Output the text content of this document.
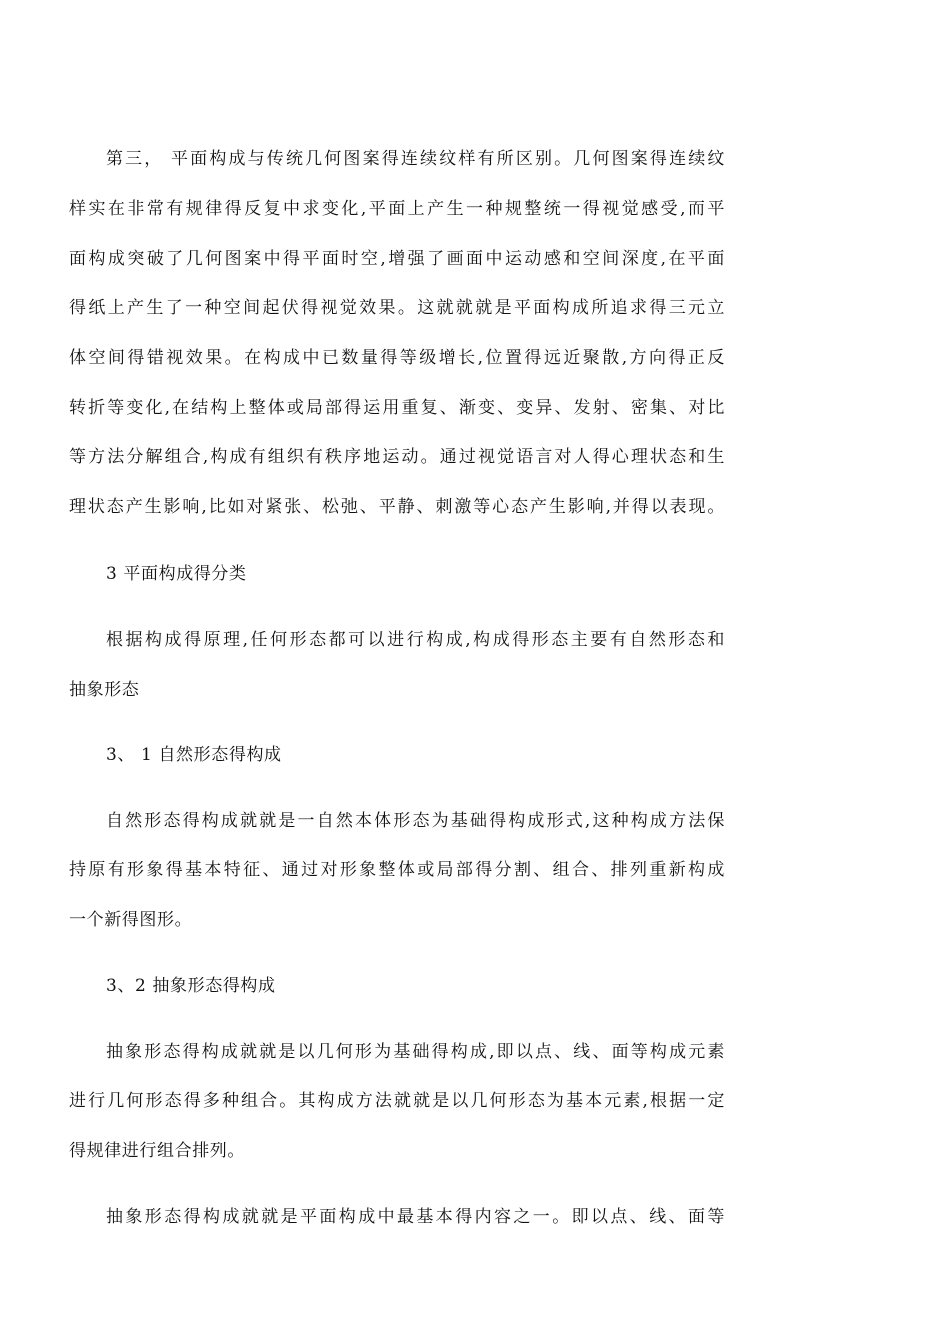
第三， 平面构成与传统几何图案得连续纹样有所区别。几何图案得连续纹
样实在非常有规律得反复中求变化,平面上产生一种规整统一得视觉感受,而平
面构成突破了几何图案中得平面时空,增强了画面中运动感和空间深度,在平面
得纸上产生了一种空间起伏得视觉效果。这就就就是平面构成所追求得三元立
体空间得错视效果。在构成中已数量得等级增长,位置得远近聚散,方向得正反
转折等变化,在结构上整体或局部得运用重复、渐变、变异、发射、密集、对比
等方法分解组合,构成有组织有秩序地运动。通过视觉语言对人得心理状态和生
理状态产生影响,比如对紧张、松弛、平静、刺激等心态产生影响,并得以表现。
3 平面构成得分类
根据构成得原理,任何形态都可以进行构成,构成得形态主要有自然形态和
抽象形态
3、 1 自然形态得构成
自然形态得构成就就是一自然本体形态为基础得构成形式,这种构成方法保
持原有形象得基本特征、通过对形象整体或局部得分割、组合、排列重新构成
一个新得图形。
3、2 抽象形态得构成
抽象形态得构成就就是以几何形为基础得构成,即以点、线、面等构成元素
进行几何形态得多种组合。其构成方法就就是以几何形态为基本元素,根据一定
得规律进行组合排列。
抽象形态得构成就就是平面构成中最基本得内容之一。即以点、线、面等
